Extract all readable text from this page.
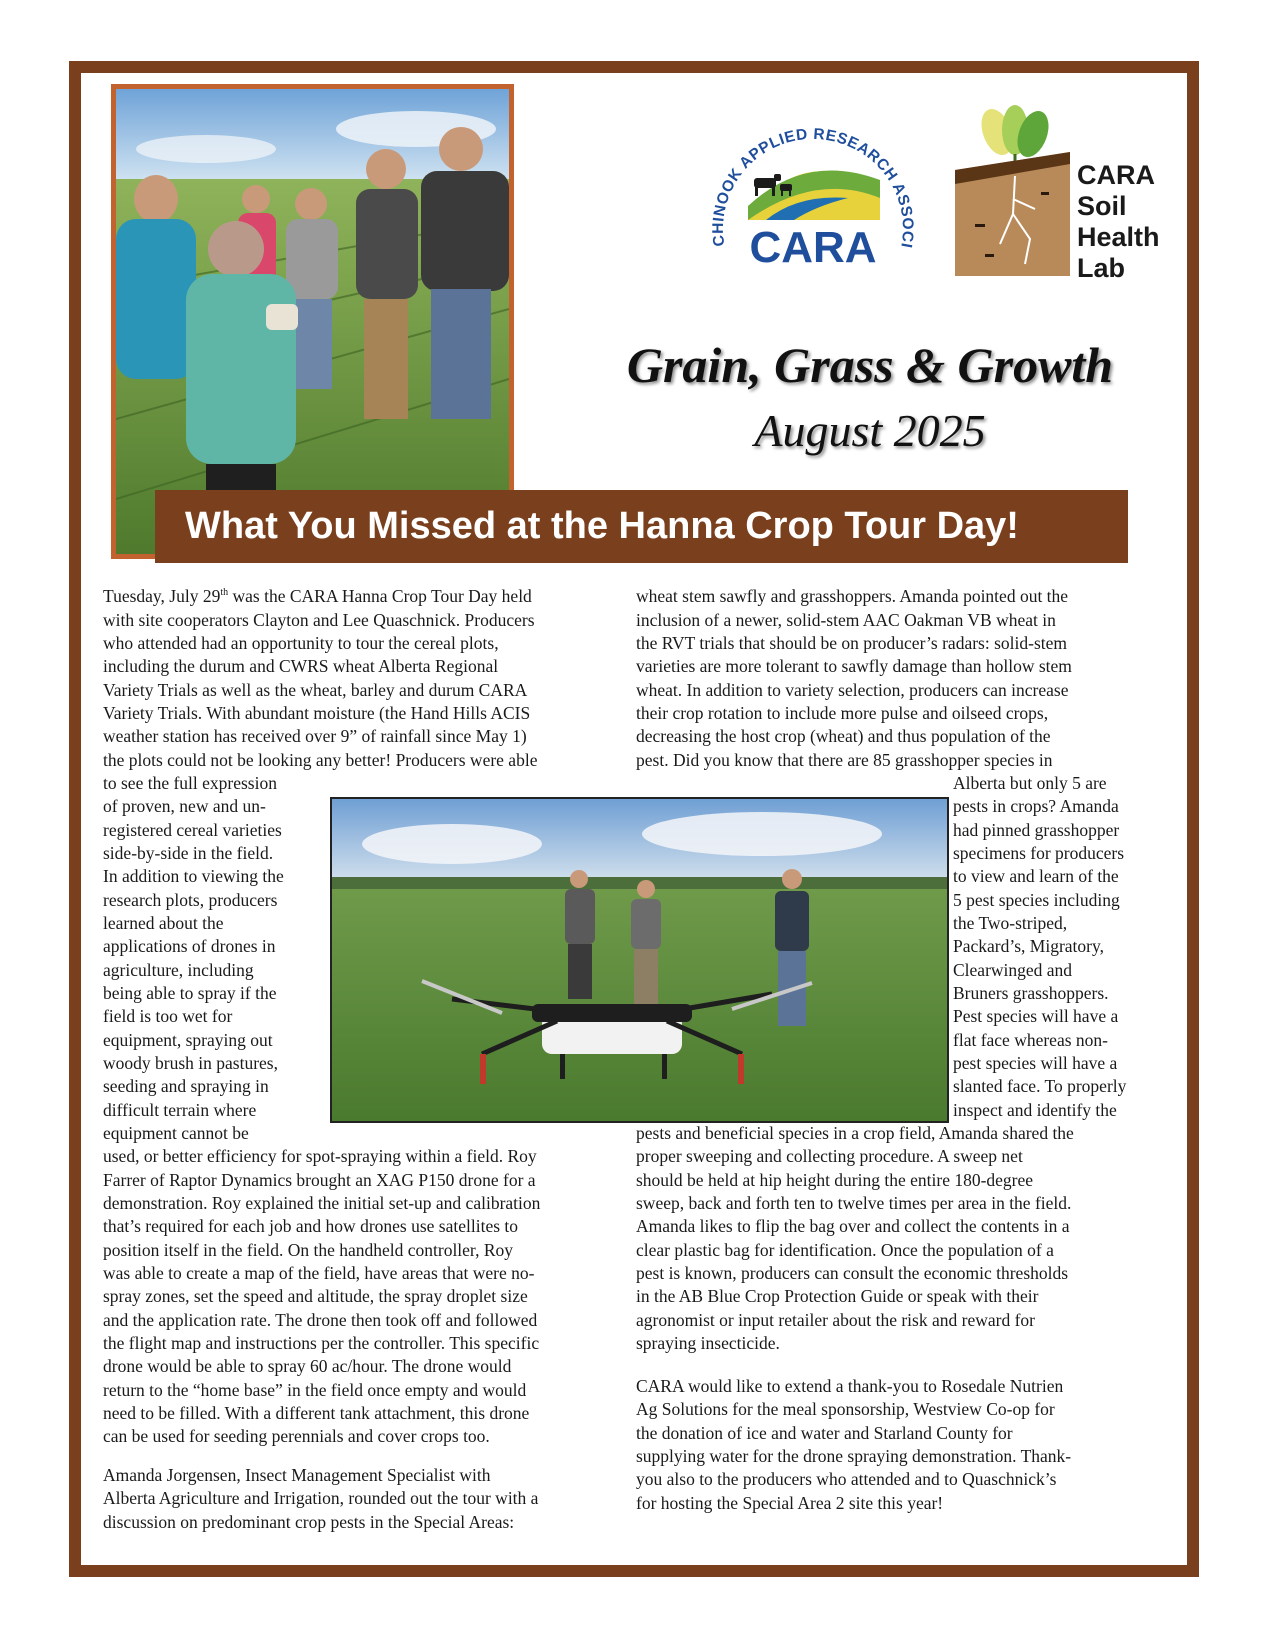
CHINOOK APPLIED RESEARCH ASSOCI
CARA
CARA Soil Health Lab
Grain, Grass & Growth
August 2025
What You Missed at the Hanna Crop Tour Day!
Tuesday, July 29th was the CARA Hanna Crop Tour Day held
with site cooperators Clayton and Lee Quaschnick. Producers
who attended had an opportunity to tour the cereal plots,
including the durum and CWRS wheat Alberta Regional
Variety Trials as well as the wheat, barley and durum CARA
Variety Trials. With abundant moisture (the Hand Hills ACIS
weather station has received over 9” of rainfall since May 1)
the plots could not be looking any better! Producers were able
to see the full expression
of proven, new and un-
registered cereal varieties
side-by-side in the field.
In addition to viewing the
research plots, producers
learned about the
applications of drones in
agriculture, including
being able to spray if the
field is too wet for
equipment, spraying out
woody brush in pastures,
seeding and spraying in
difficult terrain where
equipment cannot be
used, or better efficiency for spot-spraying within a field. Roy
Farrer of Raptor Dynamics brought an XAG P150 drone for a
demonstration. Roy explained the initial set-up and calibration
that’s required for each job and how drones use satellites to
position itself in the field. On the handheld controller, Roy
was able to create a map of the field, have areas that were no-
spray zones, set the speed and altitude, the spray droplet size
and the application rate. The drone then took off and followed
the flight map and instructions per the controller. This specific
drone would be able to spray 60 ac/hour. The drone would
return to the “home base” in the field once empty and would
need to be filled. With a different tank attachment, this drone
can be used for seeding perennials and cover crops too.
Amanda Jorgensen, Insect Management Specialist with
Alberta Agriculture and Irrigation, rounded out the tour with a
discussion on predominant crop pests in the Special Areas:
wheat stem sawfly and grasshoppers. Amanda pointed out the
inclusion of a newer, solid-stem AAC Oakman VB wheat in
the RVT trials that should be on producer’s radars: solid-stem
varieties are more tolerant to sawfly damage than hollow stem
wheat. In addition to variety selection, producers can increase
their crop rotation to include more pulse and oilseed crops,
decreasing the host crop (wheat) and thus population of the
pest. Did you know that there are 85 grasshopper species in
Alberta but only 5 are
pests in crops? Amanda
had pinned grasshopper
specimens for producers
to view and learn of the
5 pest species including
the Two-striped,
Packard’s, Migratory,
Clearwinged and
Bruners grasshoppers.
Pest species will have a
flat face whereas non-
pest species will have a
slanted face. To properly
inspect and identify the
pests and beneficial species in a crop field, Amanda shared the
proper sweeping and collecting procedure. A sweep net
should be held at hip height during the entire 180-degree
sweep, back and forth ten to twelve times per area in the field.
Amanda likes to flip the bag over and collect the contents in a
clear plastic bag for identification. Once the population of a
pest is known, producers can consult the economic thresholds
in the AB Blue Crop Protection Guide or speak with their
agronomist or input retailer about the risk and reward for
spraying insecticide.
CARA would like to extend a thank-you to Rosedale Nutrien
Ag Solutions for the meal sponsorship, Westview Co-op for
the donation of ice and water and Starland County for
supplying water for the drone spraying demonstration. Thank-
you also to the producers who attended and to Quaschnick’s
for hosting the Special Area 2 site this year!
